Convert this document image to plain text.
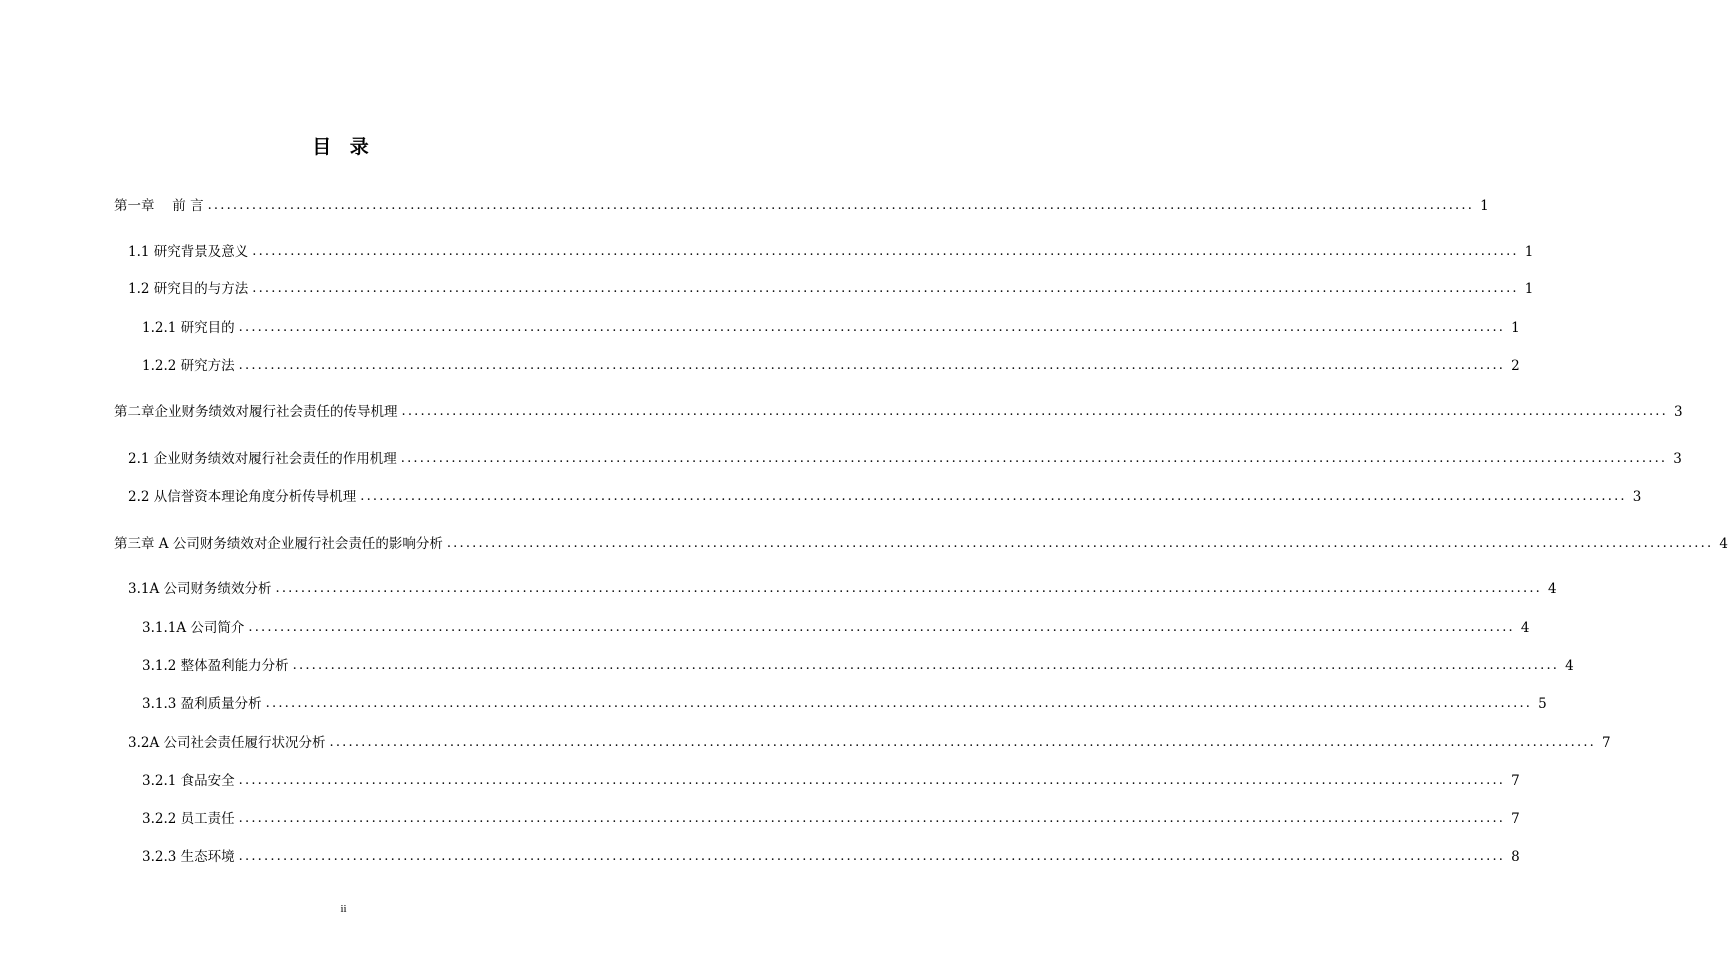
目 录
第一章　 前 言 ........................................................................................................................................................................................................ 1
1.1 研究背景及意义 ........................................................................................................................................................................................................ 1
1.2 研究目的与方法 ........................................................................................................................................................................................................ 1
1.2.1 研究目的 ........................................................................................................................................................................................................ 1
1.2.2 研究方法 ........................................................................................................................................................................................................ 2
第二章企业财务绩效对履行社会责任的传导机理 ........................................................................................................................................................................................................ 3
2.1 企业财务绩效对履行社会责任的作用机理 ........................................................................................................................................................................................................ 3
2.2 从信誉资本理论角度分析传导机理 ........................................................................................................................................................................................................ 3
第三章 A 公司财务绩效对企业履行社会责任的影响分析 ........................................................................................................................................................................................................ 4
3.1A 公司财务绩效分析 ........................................................................................................................................................................................................ 4
3.1.1A 公司简介 ........................................................................................................................................................................................................ 4
3.1.2 整体盈利能力分析 ........................................................................................................................................................................................................ 4
3.1.3 盈利质量分析 ........................................................................................................................................................................................................ 5
3.2A 公司社会责任履行状况分析 ........................................................................................................................................................................................................ 7
3.2.1 食品安全 ........................................................................................................................................................................................................ 7
3.2.2 员工责任 ........................................................................................................................................................................................................ 7
3.2.3 生态环境 ........................................................................................................................................................................................................ 8
ii
